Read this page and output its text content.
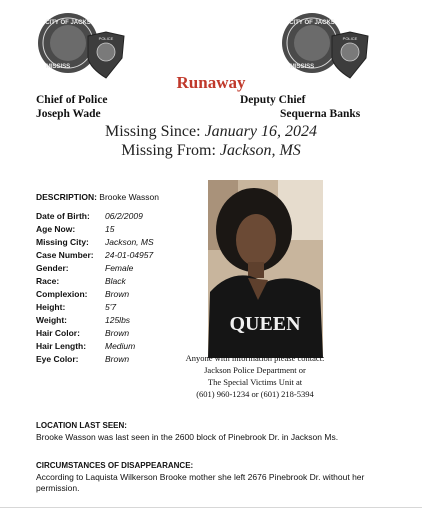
CITY OF JACKS
MISSISS
POLICE
CITY OF JACKS
MISSISS
POLICE
Runaway
Chief of Police
Joseph Wade
Deputy Chief
Sequerna Banks
Missing Since: January 16, 2024
Missing From: Jackson, MS
DESCRIPTION: Brooke Wasson
Date of Birth: 06/2/2009
Age Now:	15
Missing City: Jackson, MS
Case Number: 24-01-04957
Gender:	Female
Race:	Black
Complexion: Brown
Height:	5'7
Weight:	125lbs
Hair Color:	Brown
Hair Length: Medium
Eye Color:	Brown
QUEEN
Anyone with information please contact:
Jackson Police Department or
The Special Victims Unit at
(601) 960-1234 or (601) 218-5394
LOCATION LAST SEEN:
Brooke Wasson was last seen in the 2600 block of Pinebrook Dr. in Jackson Ms.
CIRCUMSTANCES OF DISAPPEARANCE:
According to Laquista Wilkerson Brooke mother she left 2676 Pinebrook Dr. without her permission.
